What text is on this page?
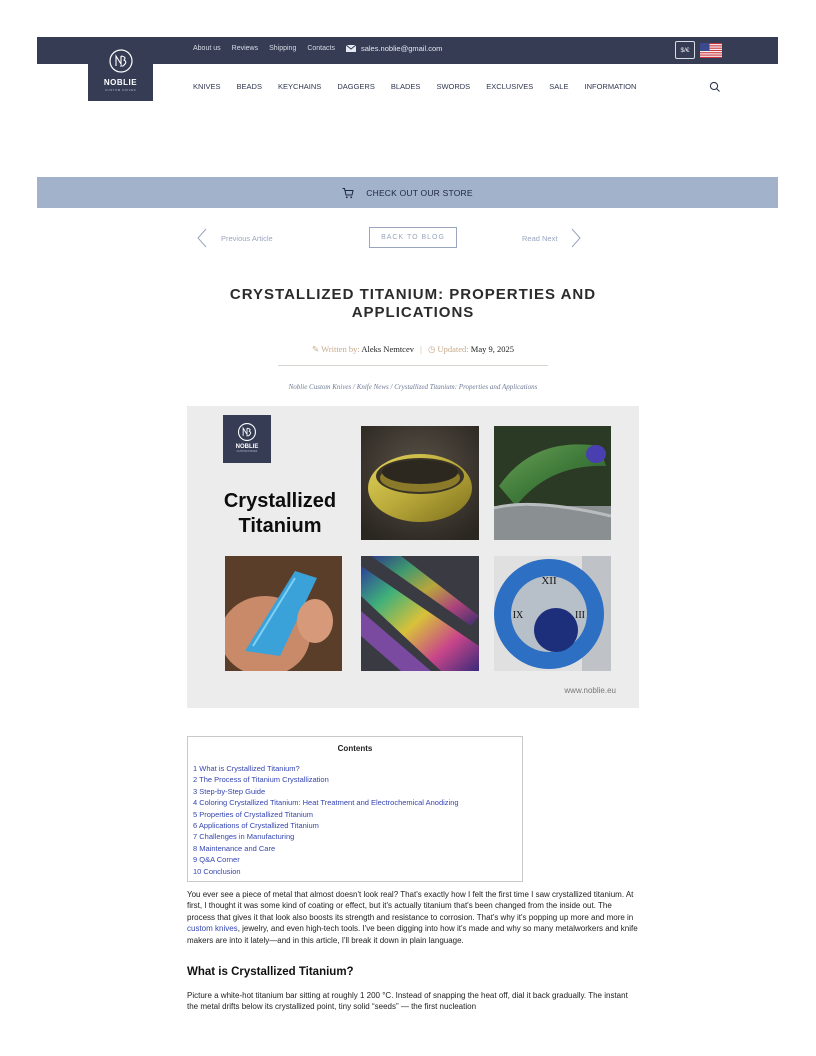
About us Reviews Shipping Contacts	sales.noblie@gmail.com	$/€
NOBLIE
CUSTOM KNIVES	KNIVES BEADS KEYCHAINS DAGGERS BLADES SWORDS EXCLUSIVES SALE INFORMATION
CHECK OUT OUR STORE
Previous Article	BACK TO BLOG	Read Next
CRYSTALLIZED TITANIUM: PROPERTIES AND APPLICATIONS
✎ Written by: Aleks Nemtcev | ◷ Updated: May 9, 2025
Noblie Custom Knives / Knife News / Crystallized Titanium: Properties and Applications
NOBLIE
CUSTOM KNIVES
Crystallized
Titanium
XII
IX	III
www.noblie.eu
Contents
1 What is Crystallized Titanium?
2 The Process of Titanium Crystallization
3 Step-by-Step Guide
4 Coloring Crystallized Titanium: Heat Treatment and Electrochemical Anodizing
5 Properties of Crystallized Titanium
6 Applications of Crystallized Titanium
7 Challenges in Manufacturing
8 Maintenance and Care
9 Q&A Corner
10 Conclusion

You ever see a piece of metal that almost doesn't look real? That's exactly how I felt the first time I saw crystallized titanium. At first, I thought it was some kind of coating or effect, but it's actually titanium that's been changed from the inside out. The process that gives it that look also boosts its strength and resistance to corrosion. That's why it's popping up more and more in custom knives, jewelry, and even high-tech tools. I've been digging into how it's made and why so many metalworkers and knife makers are into it lately—and in this article, I'll break it down in plain language.

What is Crystallized Titanium?

Picture a white-hot titanium bar sitting at roughly 1 200 °C. Instead of snapping the heat off, dial it back gradually. The instant the metal drifts below its crystallized point, tiny solid “seeds” — the first nucleation
